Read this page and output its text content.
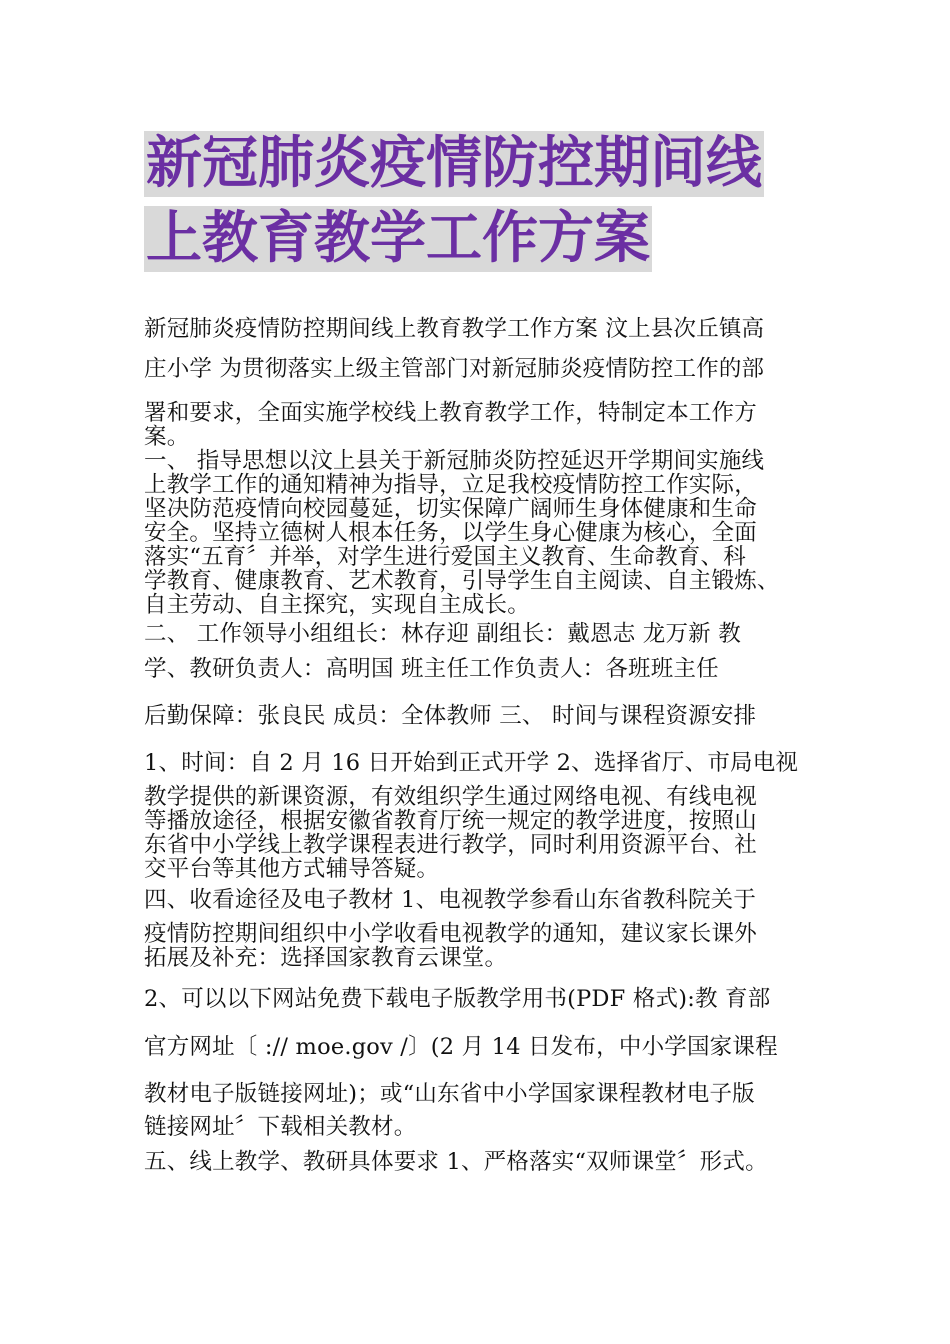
新冠肺炎疫情防控期间线
上教育教学工作方案
新冠肺炎疫情防控期间线上教育教学工作方案 汶上县次丘镇高
庄小学 为贯彻落实上级主管部门对新冠肺炎疫情防控工作的部
署和要求，全面实施学校线上教育教学工作，特制定本工作方
案。
一、 指导思想以汶上县关于新冠肺炎防控延迟开学期间实施线
上教学工作的通知精神为指导，立足我校疫情防控工作实际，
坚决防范疫情向校园蔓延，切实保障广阔师生身体健康和生命
安全。坚持立德树人根本任务，以学生身心健康为核心，全面
落实“五育〞并举，对学生进行爱国主义教育、生命教育、科
学教育、健康教育、艺术教育，引导学生自主阅读、自主锻炼、
自主劳动、自主探究，实现自主成长。
二、 工作领导小组组长：林存迎 副组长：戴恩志 龙万新 教
学、教研负责人：高明国 班主任工作负责人：各班班主任
后勤保障：张良民 成员：全体教师 三、 时间与课程资源安排
1、时间：自 2 月 16 日开始到正式开学 2、选择省厅、市局电视
教学提供的新课资源，有效组织学生通过网络电视、有线电视
等播放途径，根据安徽省教育厅统一规定的教学进度，按照山
东省中小学线上教学课程表进行教学，同时利用资源平台、社
交平台等其他方式辅导答疑。
四、收看途径及电子教材 1、电视教学参看山东省教科院关于
疫情防控期间组织中小学收看电视教学的通知，建议家长课外
拓展及补充：选择国家教育云课堂。
2、可以以下网站免费下载电子版教学用书(PDF 格式):教 育部
官方网址〔 :// moe.gov /〕(2 月 14 日发布，中小学国家课程
教材电子版链接网址)；或“山东省中小学国家课程教材电子版
链接网址〞下载相关教材。
五、线上教学、教研具体要求 1、严格落实“双师课堂〞形式。
